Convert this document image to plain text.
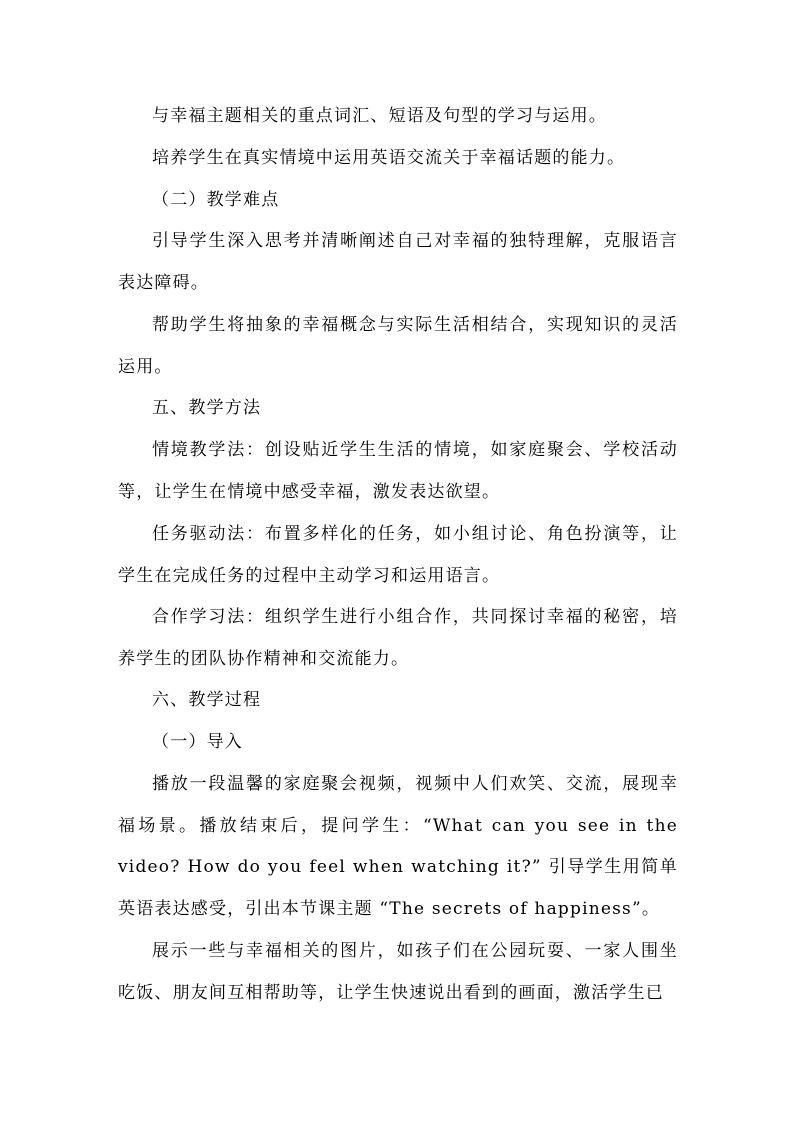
与幸福主题相关的重点词汇、短语及句型的学习与运用。

培养学生在真实情境中运用英语交流关于幸福话题的能力。

（二）教学难点

引导学生深入思考并清晰阐述自己对幸福的独特理解，克服语言表达障碍。

帮助学生将抽象的幸福概念与实际生活相结合，实现知识的灵活运用。

五、教学方法

情境教学法：创设贴近学生生活的情境，如家庭聚会、学校活动等，让学生在情境中感受幸福，激发表达欲望。

任务驱动法：布置多样化的任务，如小组讨论、角色扮演等，让学生在完成任务的过程中主动学习和运用语言。

合作学习法：组织学生进行小组合作，共同探讨幸福的秘密，培养学生的团队协作精神和交流能力。

六、教学过程

（一）导入

播放一段温馨的家庭聚会视频，视频中人们欢笑、交流，展现幸福场景。播放结束后，提问学生：“What can you see in the video? How do you feel when watching it?” 引导学生用简单英语表达感受，引出本节课主题 “The secrets of happiness”。

展示一些与幸福相关的图片，如孩子们在公园玩耍、一家人围坐吃饭、朋友间互相帮助等，让学生快速说出看到的画面，激活学生已
